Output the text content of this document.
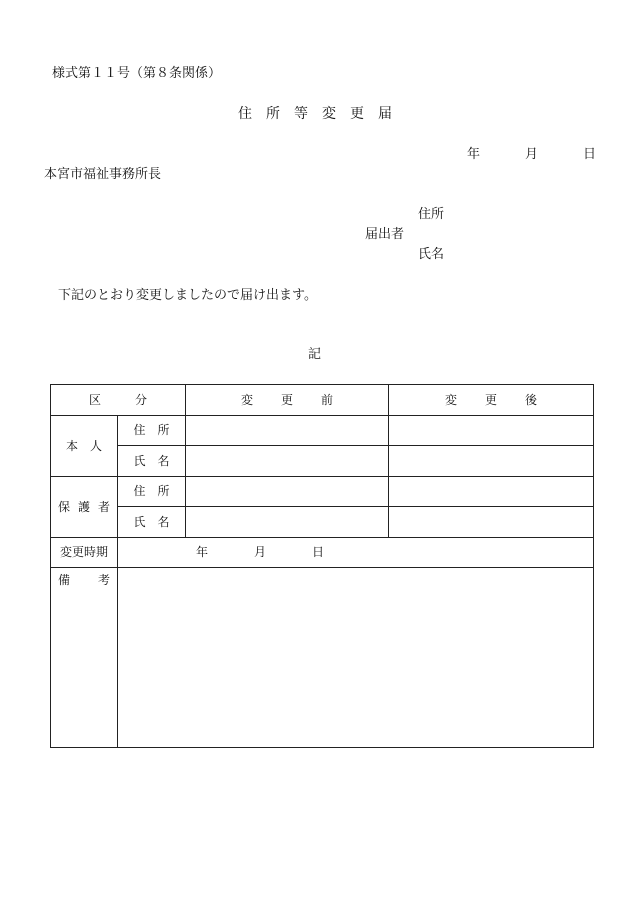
様式第１１号（第８条関係）
住　所　等　変　更　届
年	月	日
本宮市福祉事務所長
住所
届出者
氏名
下記のとおり変更しましたので届け出ます。
記
区 分		変 更 前	変 更 後
本 人	住 所		
	氏 名		
保 護 者	住 所		
	氏 名		
変更時期	年 月 日		
備 考			
